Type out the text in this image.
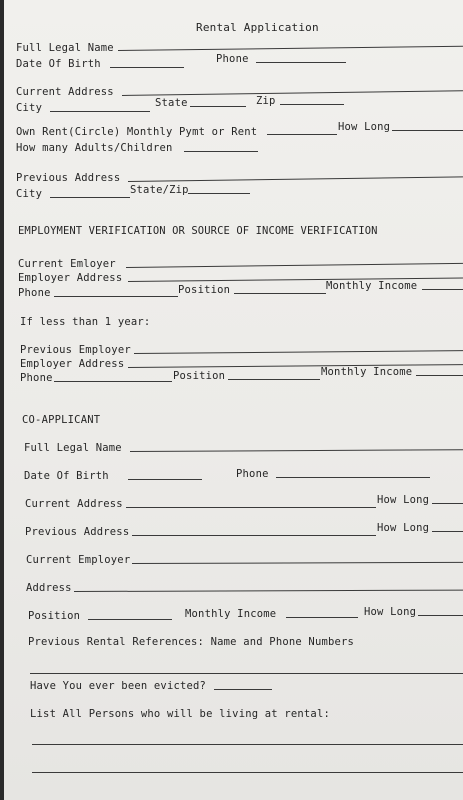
Rental Application
Full Legal Name
Date Of Birth	Phone
Current Address
City	State	Zip
Own Rent(Circle) Monthly Pymt or Rent	How Long
How many Adults/Children
Previous Address
City	State/Zip
EMPLOYMENT VERIFICATION OR SOURCE OF INCOME VERIFICATION
Current Emloyer
Employer Address
Phone	Position	Monthly Income
If less than 1 year:
Previous Employer
Employer Address
Phone	Position	Monthly Income
CO-APPLICANT
Full Legal Name
Date Of Birth	Phone
Current Address	How Long
Previous Address	How Long
Current Employer
Address
Position	Monthly Income	How Long
Previous Rental References: Name and Phone Numbers
Have You ever been evicted?
List All Persons who will be living at rental:
